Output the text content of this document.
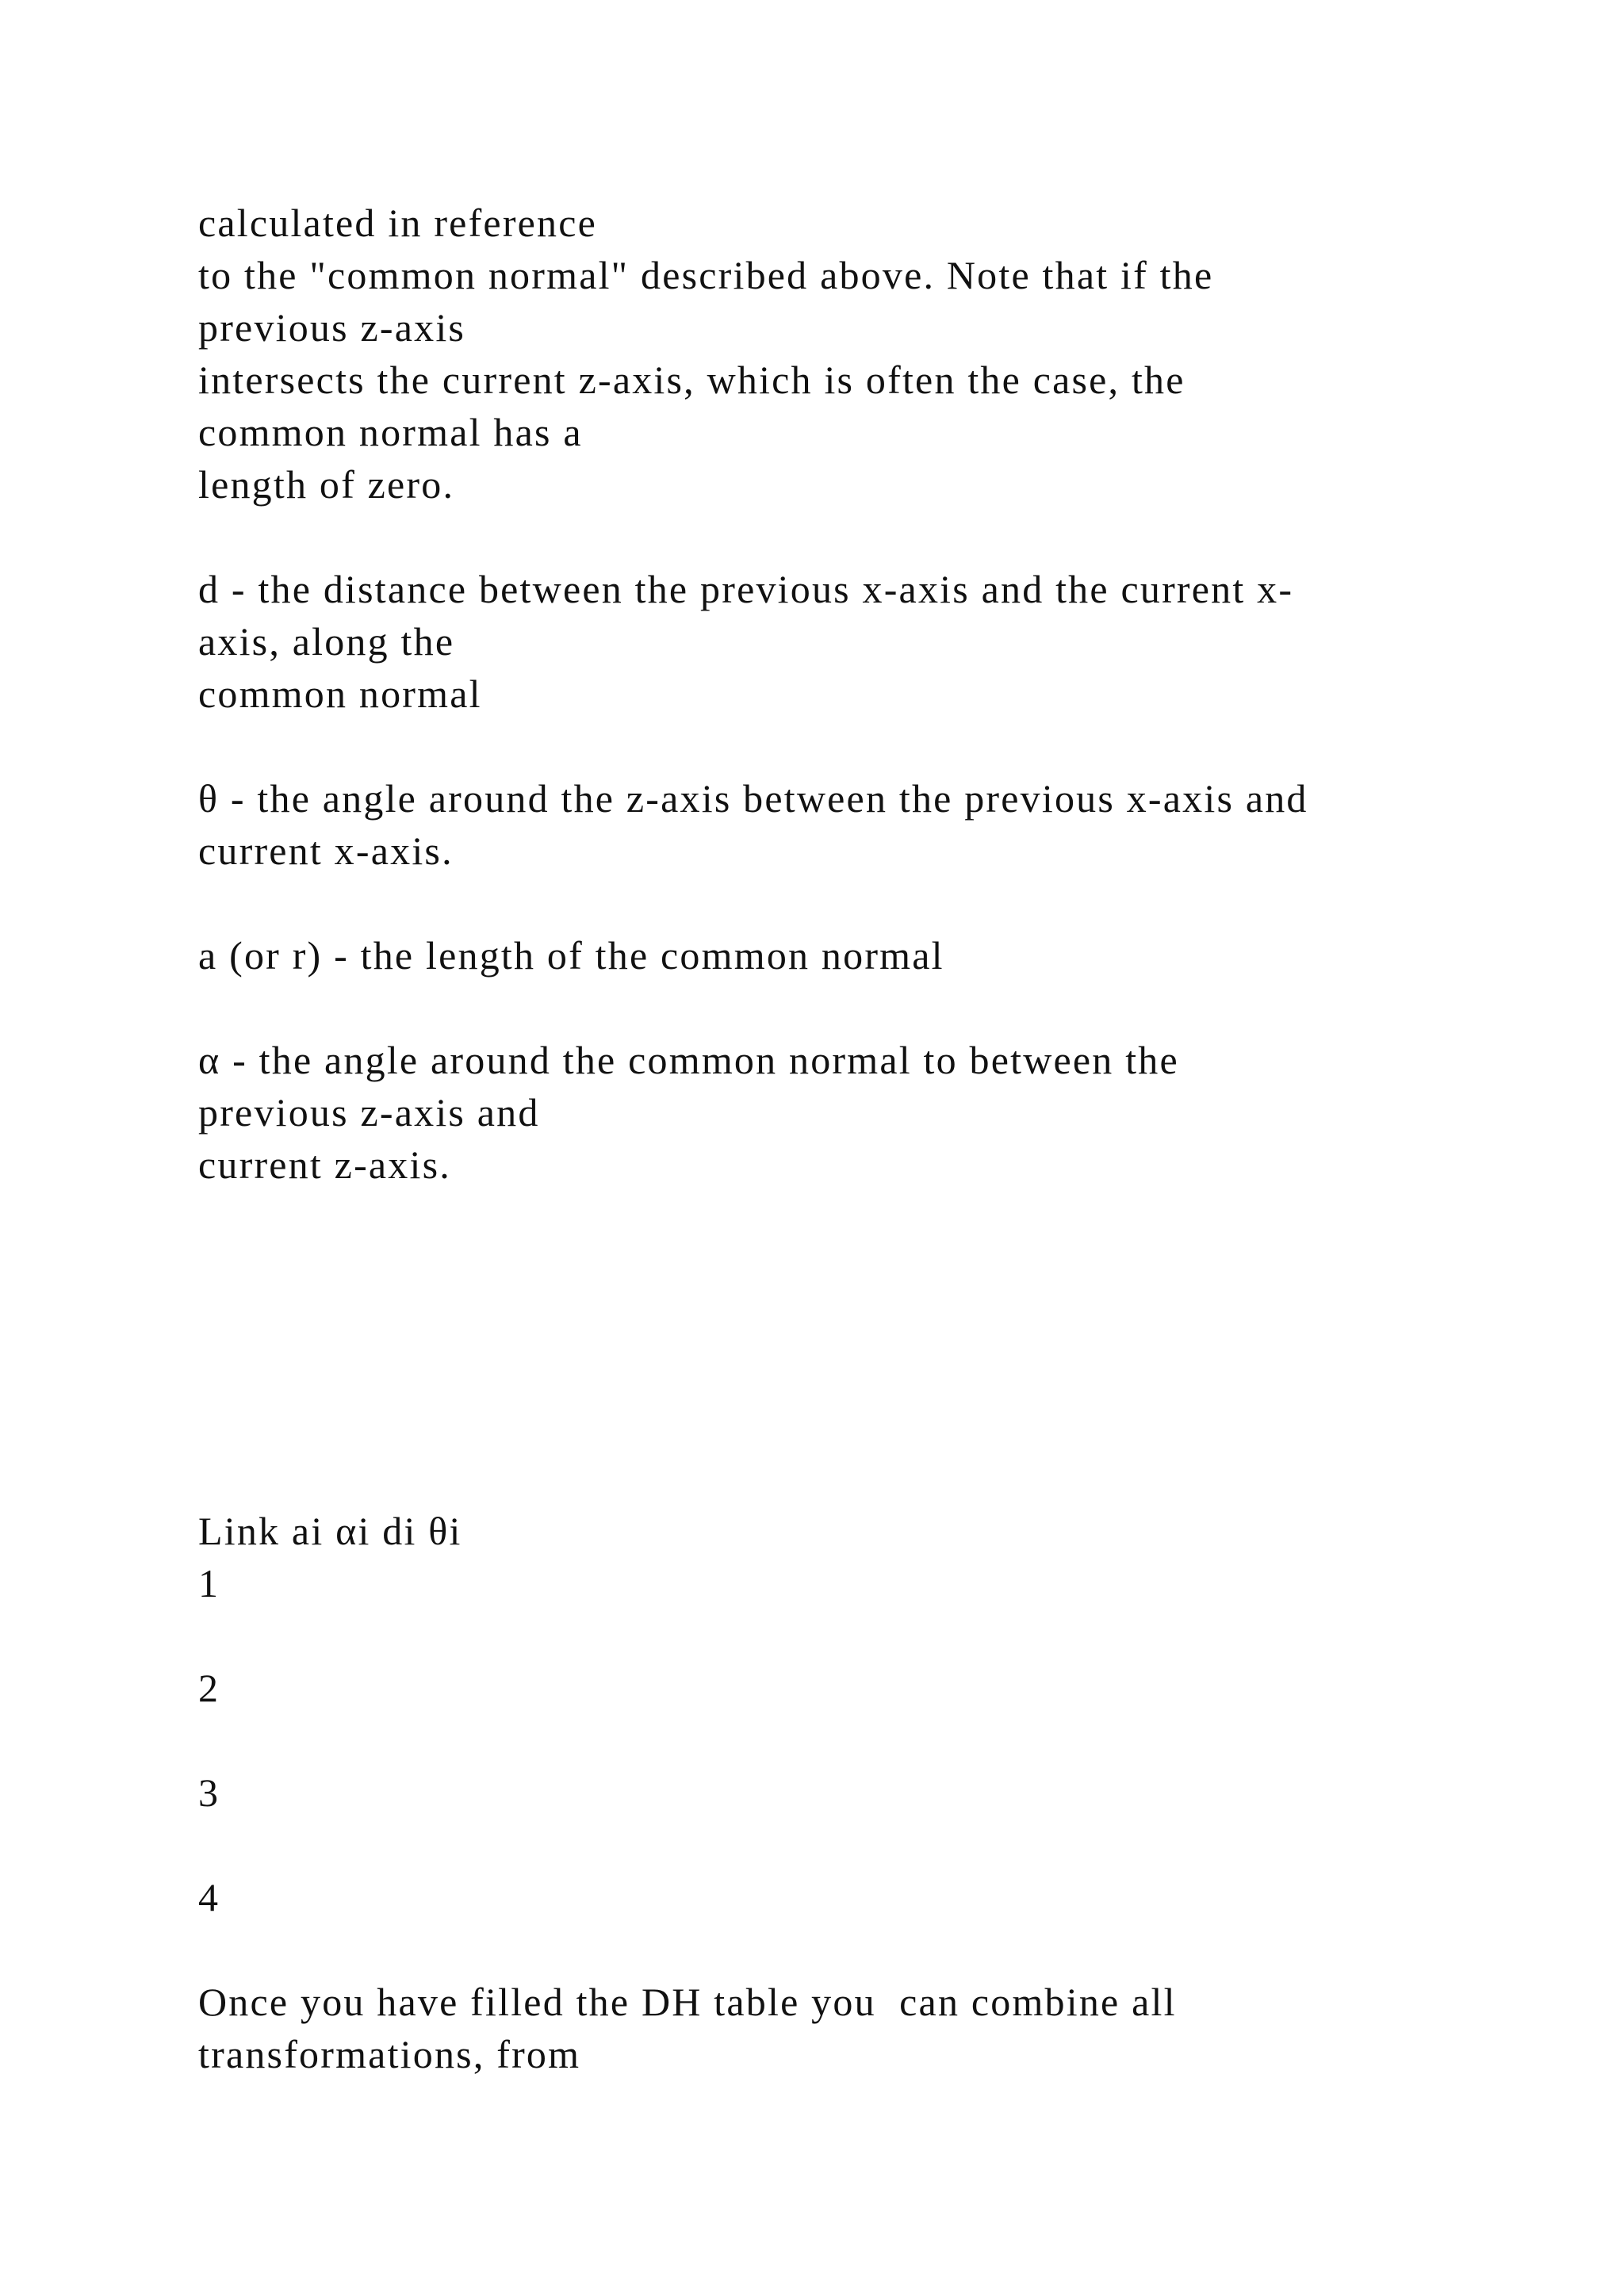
calculated in reference

to the "common normal" described above. Note that if the

previous z-axis

intersects the current z-axis, which is often the case, the

common normal has a

length of zero.

d - the distance between the previous x-axis and the current x-

axis, along the

common normal

θ - the angle around the z-axis between the previous x-axis and

current x-axis.

a (or r) - the length of the common normal

α - the angle around the common normal to between the

previous z-axis and

current z-axis.

Link ai αi di θi

1

2

3

4

Once you have filled the DH table you  can combine all

transformations, from
